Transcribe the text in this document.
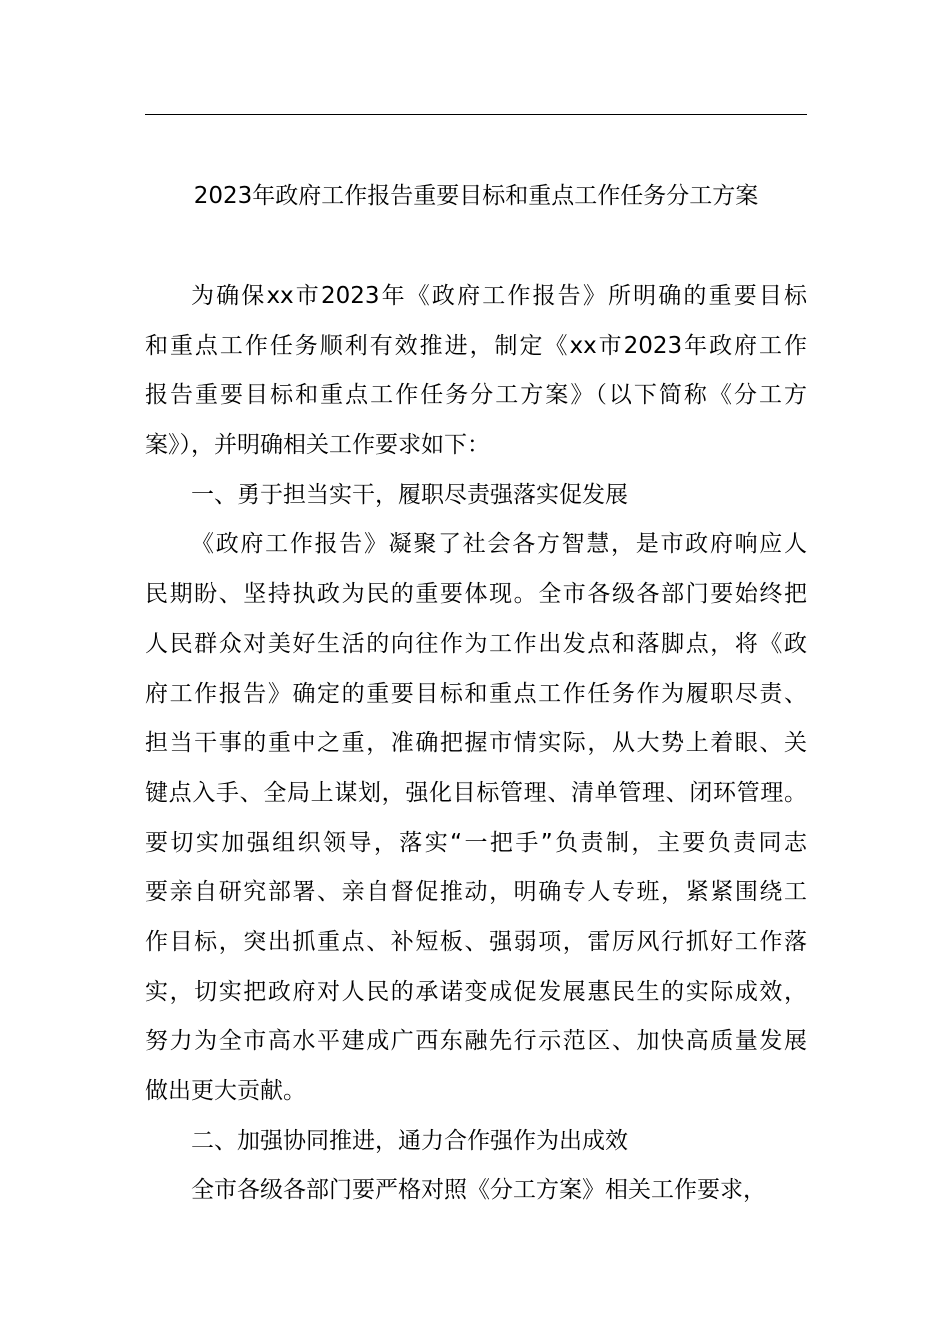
2023年政府工作报告重要目标和重点工作任务分工方案
为确保xx市2023年《政府工作报告》所明确的重要目标
和重点工作任务顺利有效推进，制定《xx市2023年政府工作
报告重要目标和重点工作任务分工方案》（以下简称《分工方
案》），并明确相关工作要求如下：
一、勇于担当实干，履职尽责强落实促发展
《政府工作报告》凝聚了社会各方智慧，是市政府响应人
民期盼、坚持执政为民的重要体现。全市各级各部门要始终把
人民群众对美好生活的向往作为工作出发点和落脚点，将《政
府工作报告》确定的重要目标和重点工作任务作为履职尽责、
担当干事的重中之重，准确把握市情实际，从大势上着眼、关
键点入手、全局上谋划，强化目标管理、清单管理、闭环管理。
要切实加强组织领导，落实“一把手”负责制，主要负责同志
要亲自研究部署、亲自督促推动，明确专人专班，紧紧围绕工
作目标，突出抓重点、补短板、强弱项，雷厉风行抓好工作落
实，切实把政府对人民的承诺变成促发展惠民生的实际成效，
努力为全市高水平建成广西东融先行示范区、加快高质量发展
做出更大贡献。
二、加强协同推进，通力合作强作为出成效
全市各级各部门要严格对照《分工方案》相关工作要求，
